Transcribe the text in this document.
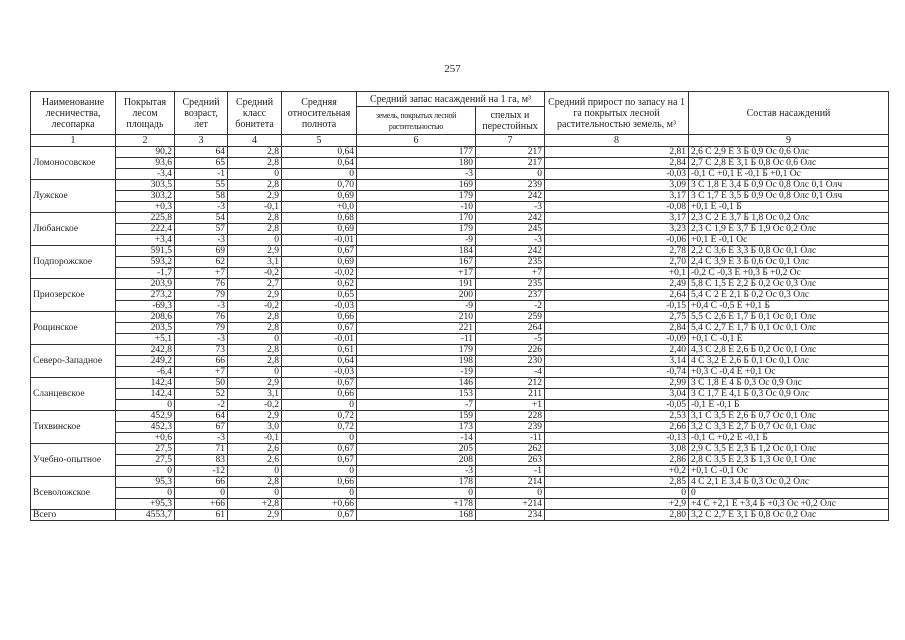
257
Наименование лесничества, лесопарка	Покрытая лесом площадь	Средний возраст, лет	Средний класс бонитета	Средняя относительная полнота	Средний запас насаждений на 1 га, м³		Средний прирост по запасу на 1 га покрытых лесной растительностью земель, м³	Состав насаждений
					земель, покрытых лесной растительностью	спелых и перестойных		
1	2	3	4	5	6	7	8	9
Ломоносовское	90,2	64	2,8	0,64	177	217	2,81	2,6 С 2,9 Е 3 Б 0,9 Ос 0,6 Олс
	93,6	65	2,8	0,64	180	217	2,84	2,7 С 2,8 Е 3,1 Б 0,8 Ос 0,6 Олс
	-3,4	-1	0	0	-3	0	-0,03	-0,1 С +0,1 Е -0,1 Б +0,1 Ос
Лужское	303,5	55	2,8	0,70	169	239	3,09	3 С 1,8 Е 3,4 Б 0,9 Ос 0,8 Олс 0,1 Олч
	303,2	58	2,9	0,69	179	242	3,17	3 С 1,7 Е 3,5 Б 0,9 Ос 0,8 Олс 0,1 Олч
	+0,3	-3	-0,1	+0,0	-10	-3	-0,08	+0,1 Е -0,1 Б
Любанское	225,8	54	2,8	0,68	170	242	3,17	2,3 С 2 Е 3,7 Б 1,8 Ос 0,2 Олс
	222,4	57	2,8	0,69	179	245	3,23	2,3 С 1,9 Е 3,7 Б 1,9 Ос 0,2 Олс
	+3,4	-3	0	-0,01	-9	-3	-0,06	+0,1 Е -0,1 Ос
Подпорожское	591,5	69	2,9	0,67	184	242	2,78	2,2 С 3,6 Е 3,3 Б 0,8 Ос 0,1 Олс
	593,2	62	3,1	0,69	167	235	2,70	2,4 С 3,9 Е 3 Б 0,6 Ос 0,1 Олс
	-1,7	+7	-0,2	-0,02	+17	+7	+0,1	-0,2 С -0,3 Е +0,3 Б +0,2 Ос
Приозерское	203,9	76	2,7	0,62	191	235	2,49	5,8 С 1,5 Е 2,2 Б 0,2 Ос 0,3 Олс
	273,2	79	2,9	0,65	200	237	2,64	5,4 С 2 Е 2,1 Б 0,2 Ос 0,3 Олс
	-69,3	-3	-0,2	-0,03	-9	-2	-0,15	+0,4 С -0,5 Е +0,1 Б
Рощинское	208,6	76	2,8	0,66	210	259	2,75	5,5 С 2,6 Е 1,7 Б 0,1 Ос 0,1 Олс
	203,5	79	2,8	0,67	221	264	2,84	5,4 С 2,7 Е 1,7 Б 0,1 Ос 0,1 Олс
	+5,1	-3	0	-0,01	-11	-5	-0,09	+0,1 С -0,1 Е
Северо-Западное	242,8	73	2,8	0,61	179	226	2,40	4,3 С 2,8 Е 2,6 Б 0,2 Ос 0,1 Олс
	249,2	66	2,8	0,64	198	230	3,14	4 С 3,2 Е 2,6 Б 0,1 Ос 0,1 Олс
	-6,4	+7	0	-0,03	-19	-4	-0,74	+0,3 С -0,4 Е +0,1 Ос
Сланцевское	142,4	50	2,9	0,67	146	212	2,99	3 С 1,8 Е 4 Б 0,3 Ос 0,9 Олс
	142,4	52	3,1	0,66	153	211	3,04	3 С 1,7 Е 4,1 Б 0,3 Ос 0,9 Олс
	0	-2	-0,2	0	-7	+1	-0,05	-0,1 Е -0,1 Б
Тихвинское	452,9	64	2,9	0,72	159	228	2,53	3,1 С 3,5 Е 2,6 Б 0,7 Ос 0,1 Олс
	452,3	67	3,0	0,72	173	239	2,66	3,2 С 3,3 Е 2,7 Б 0,7 Ос 0,1 Олс
	+0,6	-3	-0,1	0	-14	-11	-0,13	-0,1 С +0,2 Е -0,1 Б
Учебно-опытное	27,5	71	2,6	0,67	205	262	3,08	2,9 С 3,5 Е 2,3 Б 1,2 Ос 0,1 Олс
	27,5	83	2,6	0,67	208	263	2,86	2,8 С 3,5 Е 2,3 Б 1,3 Ос 0,1 Олс
	0	-12	0	0	-3	-1	+0,2	+0,1 С -0,1 Ос
Всеволожское	95,3	66	2,8	0,66	178	214	2,85	4 С 2,1 Е 3,4 Б 0,3 Ос 0,2 Олс
	0	0	0	0	0	0	0	0
	+95,3	+66	+2,8	+0,66	+178	+214	+2,9	+4 С +2,1 Е +3,4 Б +0,3 Ос +0,2 Олс
Всего	4553,7	61	2,9	0,67	168	234	2,80	3,2 С 2,7 Е 3,1 Б 0,8 Ос 0,2 Олс
